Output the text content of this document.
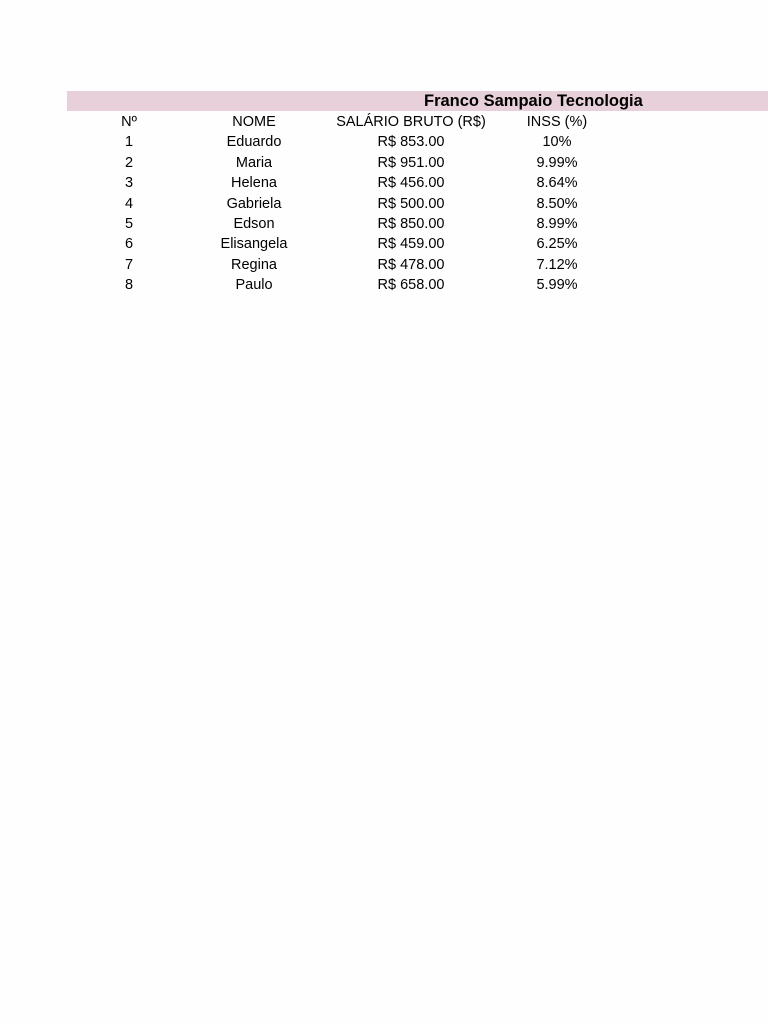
Franco Sampaio Tecnologia
Nº	NOME	SALÁRIO BRUTO (R$)	INSS (%)
1	Eduardo	R$ 853.00	10%
2	Maria	R$ 951.00	9.99%
3	Helena	R$ 456.00	8.64%
4	Gabriela	R$ 500.00	8.50%
5	Edson	R$ 850.00	8.99%
6	Elisangela	R$ 459.00	6.25%
7	Regina	R$ 478.00	7.12%
8	Paulo	R$ 658.00	5.99%
